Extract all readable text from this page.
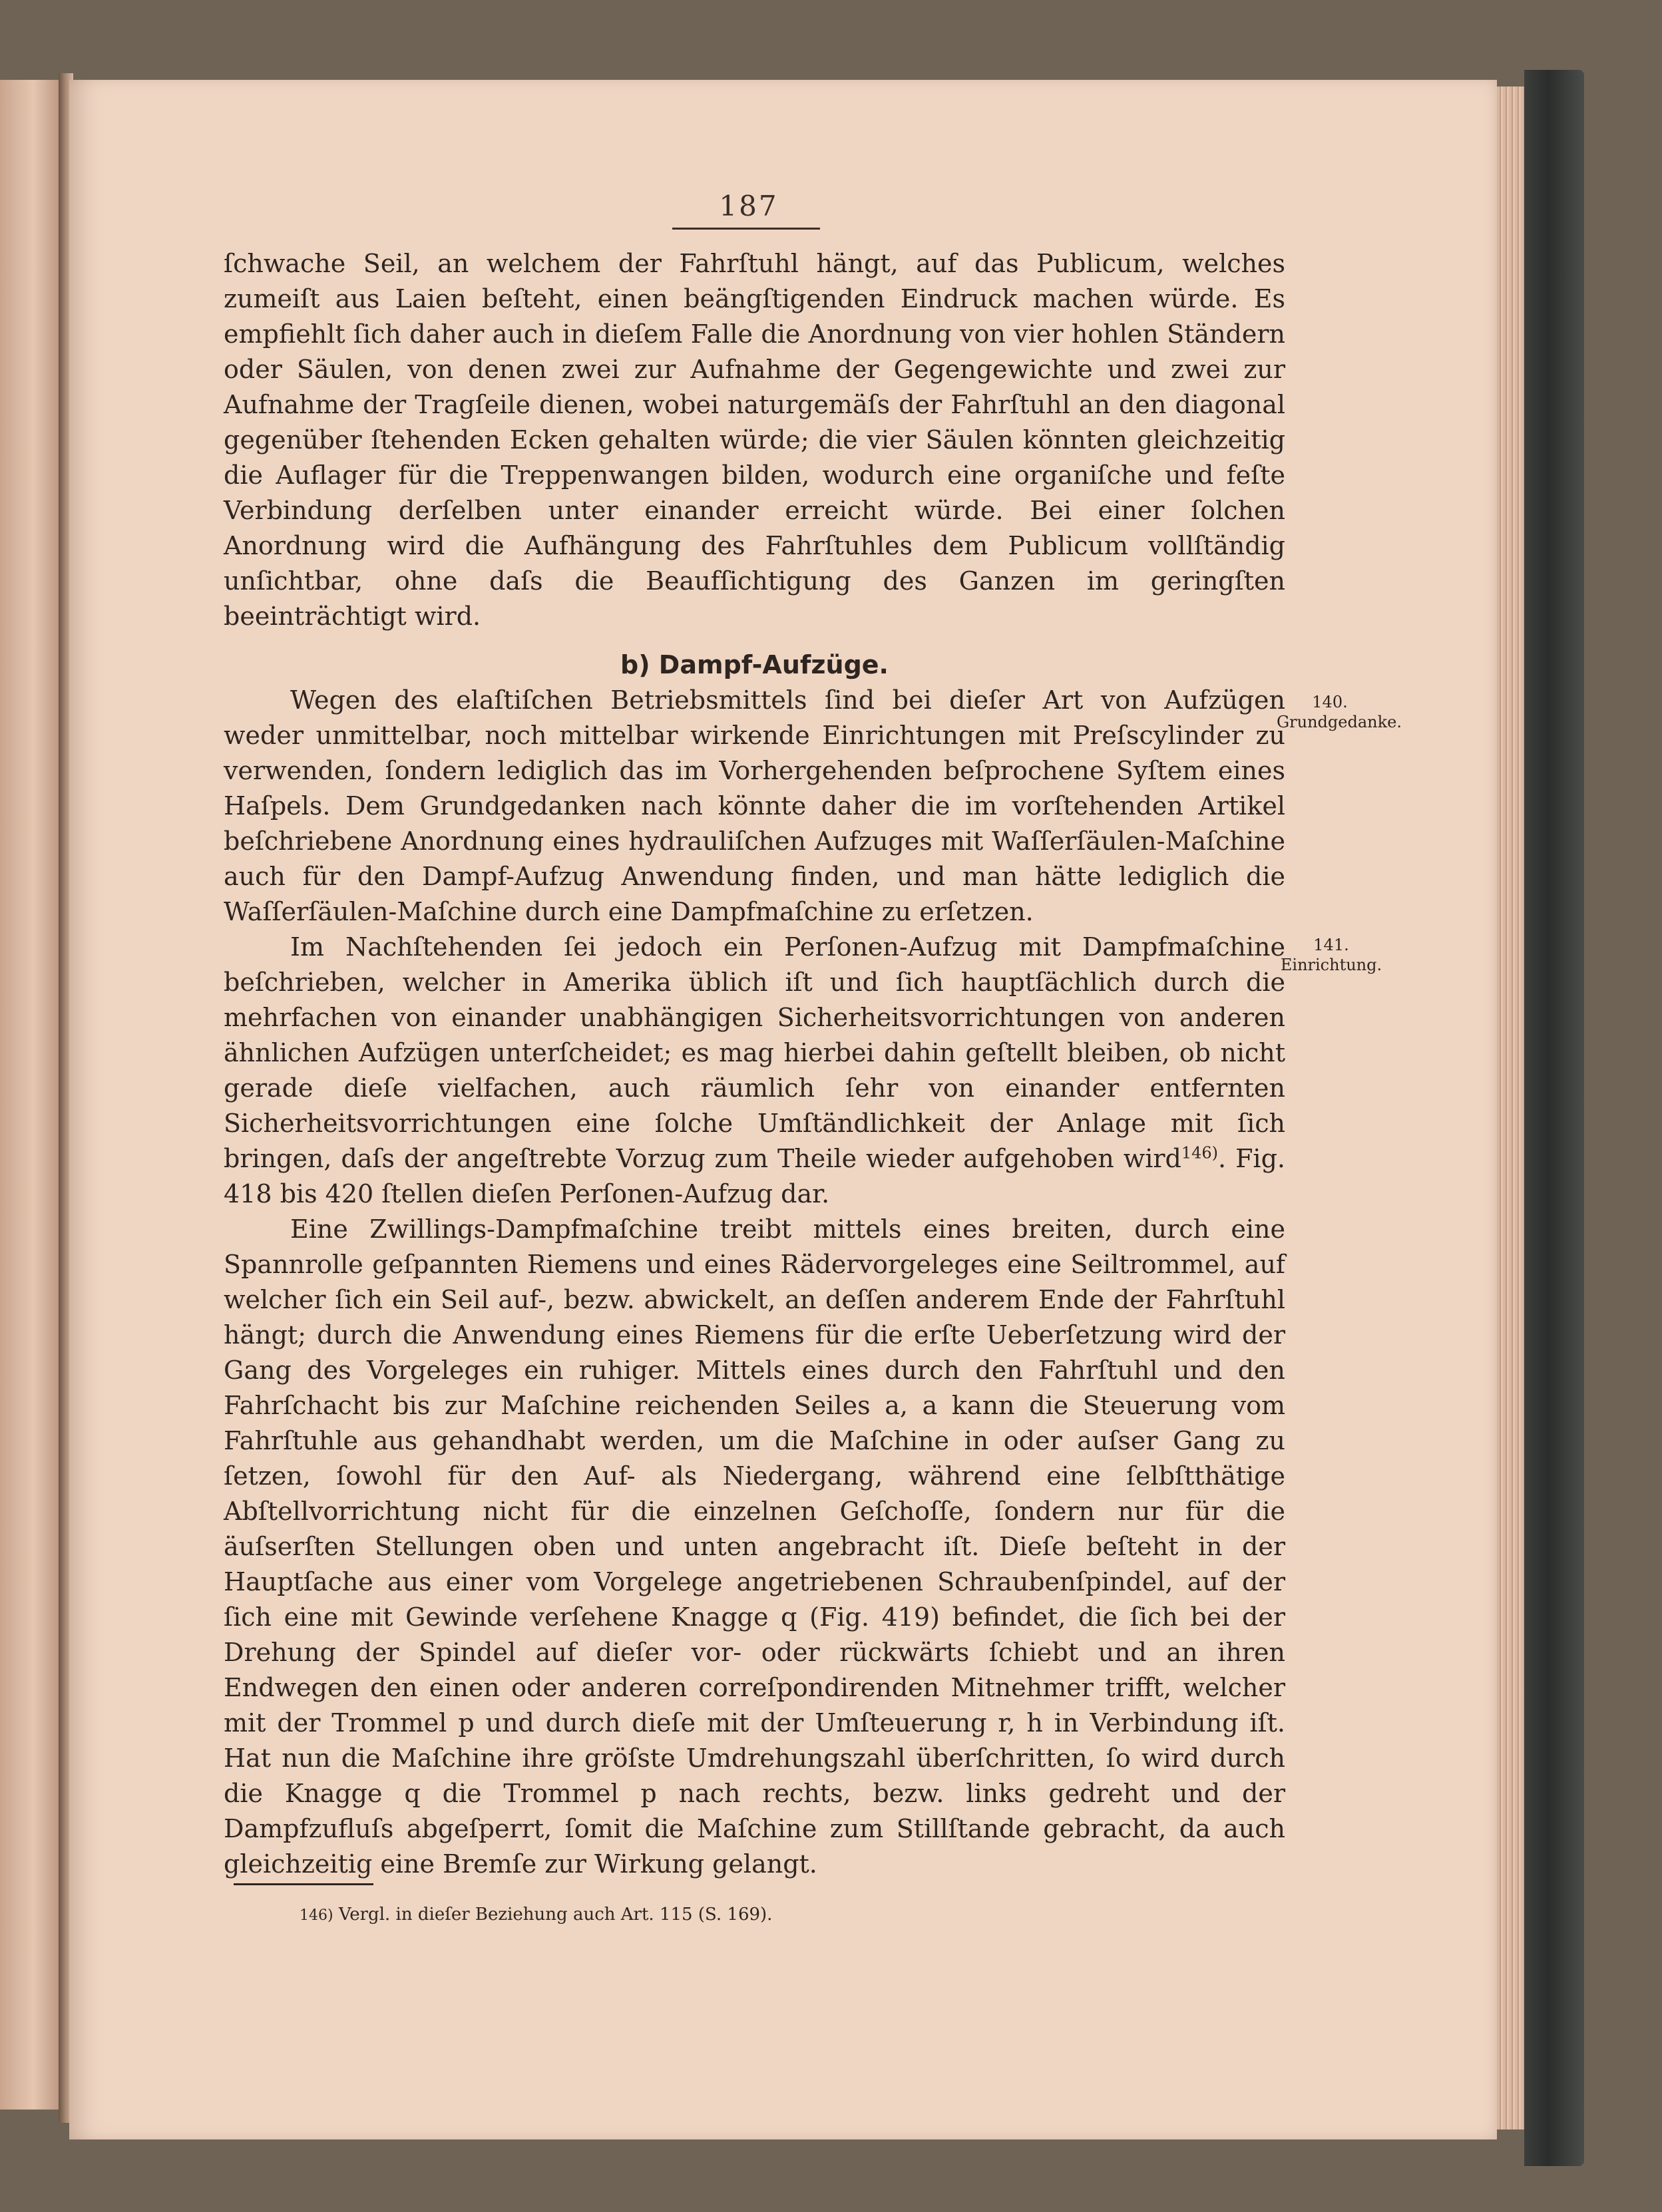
187

ſchwache Seil, an welchem der Fahrſtuhl hängt, auf das Publicum, welches zumeiſt aus Laien beſteht, einen beängſtigenden Eindruck machen würde. Es empfiehlt ſich daher auch in dieſem Falle die Anordnung von vier hohlen Ständern oder Säulen, von denen zwei zur Aufnahme der Gegengewichte und zwei zur Aufnahme der Tragſeile dienen, wobei naturgemäſs der Fahrſtuhl an den diagonal gegenüber ſtehenden Ecken gehalten würde; die vier Säulen könnten gleichzeitig die Auflager für die Treppenwangen bilden, wodurch eine organiſche und feſte Verbindung derſelben unter einander erreicht würde. Bei einer ſolchen Anordnung wird die Aufhängung des Fahrſtuhles dem Publicum vollſtändig unſichtbar, ohne daſs die Beaufſichtigung des Ganzen im geringſten beeinträchtigt wird.

b) Dampf-Aufzüge.

Wegen des elaſtiſchen Betriebsmittels ſind bei dieſer Art von Aufzügen weder unmittelbar, noch mittelbar wirkende Einrichtungen mit Preſscylinder zu verwenden, ſondern lediglich das im Vorhergehenden beſprochene Syſtem eines Haſpels. Dem Grundgedanken nach könnte daher die im vorſtehenden Artikel beſchriebene Anordnung eines hydrauliſchen Aufzuges mit Waſſerſäulen-Maſchine auch für den Dampf-Aufzug Anwendung finden, und man hätte lediglich die Waſſerſäulen-Maſchine durch eine Dampfmaſchine zu erſetzen.

Im Nachſtehenden ſei jedoch ein Perſonen-Aufzug mit Dampfmaſchine beſchrieben, welcher in Amerika üblich iſt und ſich hauptſächlich durch die mehrfachen von einander unabhängigen Sicherheitsvorrichtungen von anderen ähnlichen Aufzügen unterſcheidet; es mag hierbei dahin geſtellt bleiben, ob nicht gerade dieſe vielfachen, auch räumlich ſehr von einander entfernten Sicherheitsvorrichtungen eine ſolche Umſtändlichkeit der Anlage mit ſich bringen, daſs der angeſtrebte Vorzug zum Theile wieder aufgehoben wird$^{146)}$. Fig. 418 bis 420 ſtellen dieſen Perſonen-Aufzug dar.

Eine Zwillings-Dampfmaſchine treibt mittels eines breiten, durch eine Spannrolle geſpannten Riemens und eines Rädervorgeleges eine Seiltrommel, auf welcher ſich ein Seil auf-, bezw. abwickelt, an deſſen anderem Ende der Fahrſtuhl hängt; durch die Anwendung eines Riemens für die erſte Ueberſetzung wird der Gang des Vorgeleges ein ruhiger. Mittels eines durch den Fahrſtuhl und den Fahrſchacht bis zur Maſchine reichenden Seiles a, a kann die Steuerung vom Fahrſtuhle aus gehandhabt werden, um die Maſchine in oder auſser Gang zu ſetzen, ſowohl für den Auf- als Niedergang, während eine ſelbſtthätige Abſtellvorrichtung nicht für die einzelnen Geſchoſſe, ſondern nur für die äuſserſten Stellungen oben und unten angebracht iſt. Dieſe beſteht in der Hauptſache aus einer vom Vorgelege angetriebenen Schraubenſpindel, auf der ſich eine mit Gewinde verſehene Knagge q (Fig. 419) befindet, die ſich bei der Drehung der Spindel auf dieſer vor- oder rückwärts ſchiebt und an ihren Endwegen den einen oder anderen correſpondirenden Mitnehmer trifft, welcher mit der Trommel p und durch dieſe mit der Umſteuerung r, h in Verbindung iſt. Hat nun die Maſchine ihre gröſste Umdrehungszahl überſchritten, ſo wird durch die Knagge q die Trommel p nach rechts, bezw. links gedreht und der Dampfzufluſs abgeſperrt, ſomit die Maſchine zum Stillſtande gebracht, da auch gleichzeitig eine Bremſe zur Wirkung gelangt.

140.
Grundgedanke.
141.
Einrichtung.
146) Vergl. in dieſer Beziehung auch Art. 115 (S. 169).
